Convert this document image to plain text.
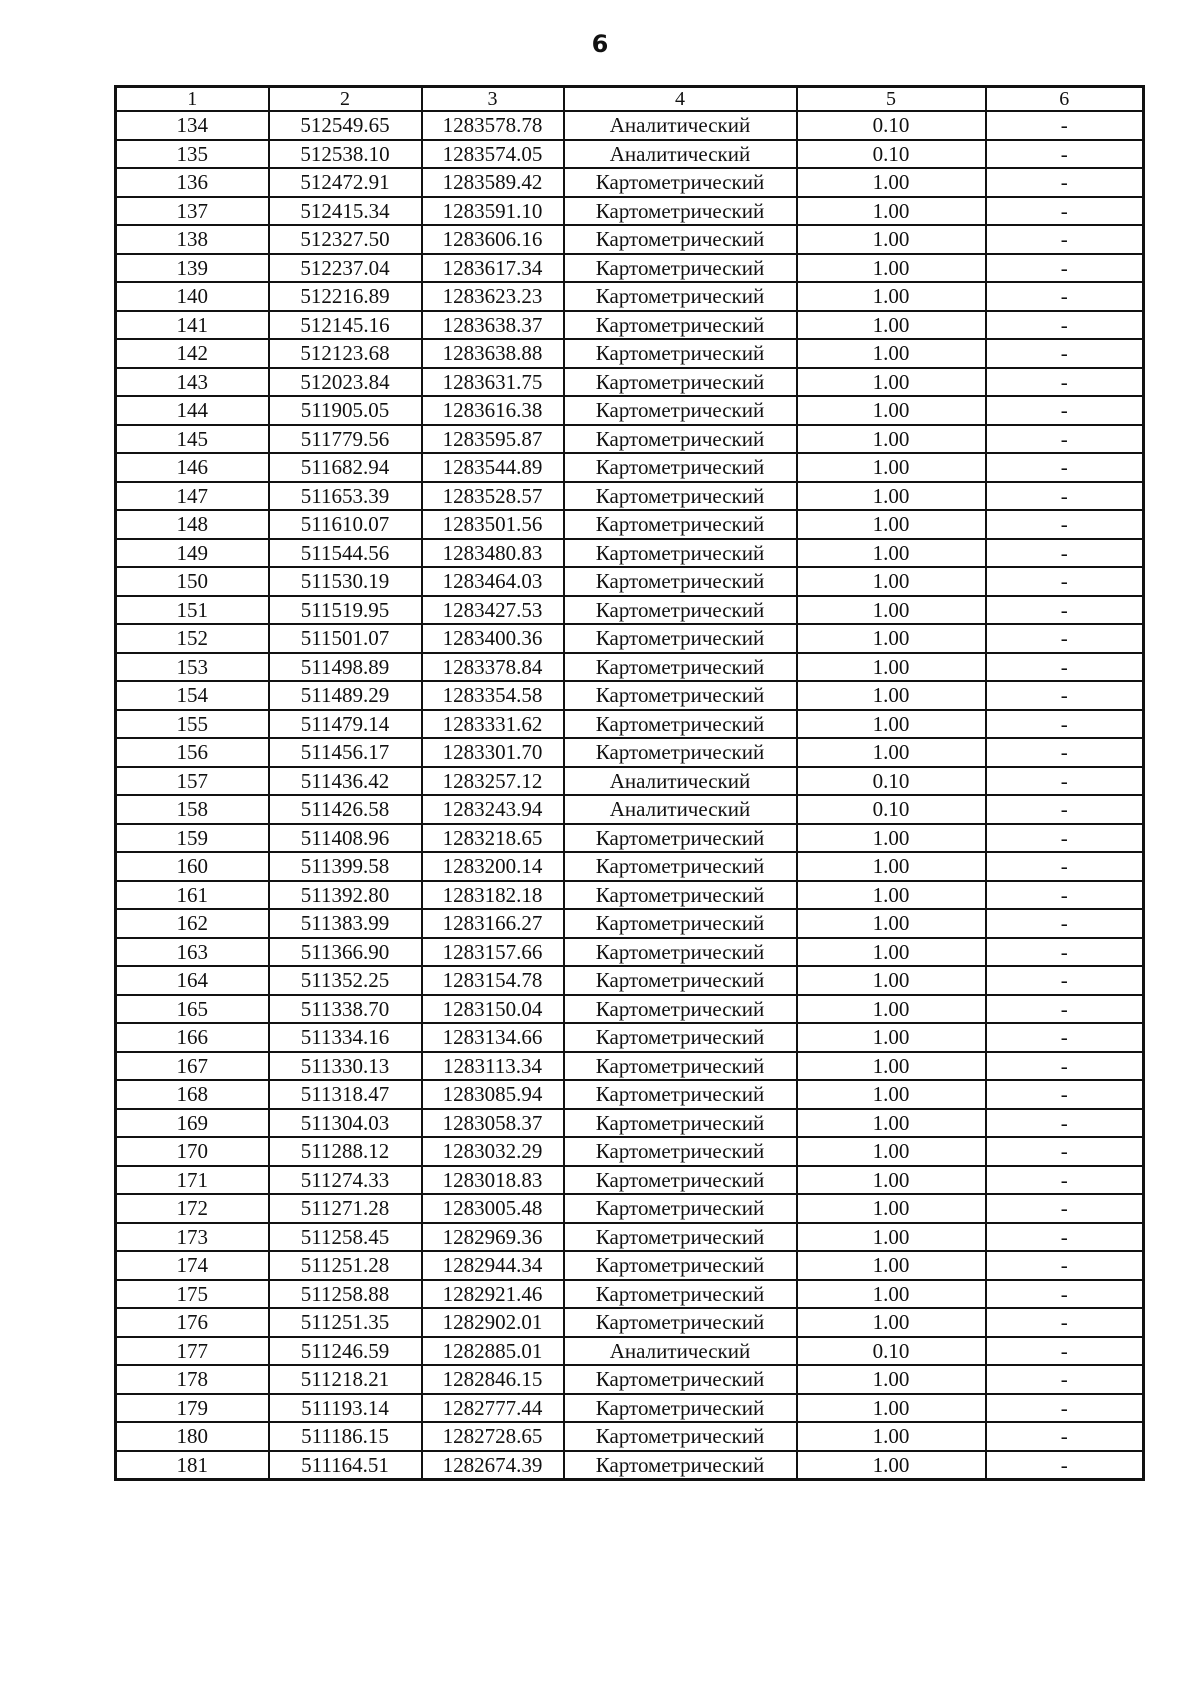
6
1	2	3	4	5	6
134	512549.65	1283578.78	Аналитический	0.10	-
135	512538.10	1283574.05	Аналитический	0.10	-
136	512472.91	1283589.42	Картометрический	1.00	-
137	512415.34	1283591.10	Картометрический	1.00	-
138	512327.50	1283606.16	Картометрический	1.00	-
139	512237.04	1283617.34	Картометрический	1.00	-
140	512216.89	1283623.23	Картометрический	1.00	-
141	512145.16	1283638.37	Картометрический	1.00	-
142	512123.68	1283638.88	Картометрический	1.00	-
143	512023.84	1283631.75	Картометрический	1.00	-
144	511905.05	1283616.38	Картометрический	1.00	-
145	511779.56	1283595.87	Картометрический	1.00	-
146	511682.94	1283544.89	Картометрический	1.00	-
147	511653.39	1283528.57	Картометрический	1.00	-
148	511610.07	1283501.56	Картометрический	1.00	-
149	511544.56	1283480.83	Картометрический	1.00	-
150	511530.19	1283464.03	Картометрический	1.00	-
151	511519.95	1283427.53	Картометрический	1.00	-
152	511501.07	1283400.36	Картометрический	1.00	-
153	511498.89	1283378.84	Картометрический	1.00	-
154	511489.29	1283354.58	Картометрический	1.00	-
155	511479.14	1283331.62	Картометрический	1.00	-
156	511456.17	1283301.70	Картометрический	1.00	-
157	511436.42	1283257.12	Аналитический	0.10	-
158	511426.58	1283243.94	Аналитический	0.10	-
159	511408.96	1283218.65	Картометрический	1.00	-
160	511399.58	1283200.14	Картометрический	1.00	-
161	511392.80	1283182.18	Картометрический	1.00	-
162	511383.99	1283166.27	Картометрический	1.00	-
163	511366.90	1283157.66	Картометрический	1.00	-
164	511352.25	1283154.78	Картометрический	1.00	-
165	511338.70	1283150.04	Картометрический	1.00	-
166	511334.16	1283134.66	Картометрический	1.00	-
167	511330.13	1283113.34	Картометрический	1.00	-
168	511318.47	1283085.94	Картометрический	1.00	-
169	511304.03	1283058.37	Картометрический	1.00	-
170	511288.12	1283032.29	Картометрический	1.00	-
171	511274.33	1283018.83	Картометрический	1.00	-
172	511271.28	1283005.48	Картометрический	1.00	-
173	511258.45	1282969.36	Картометрический	1.00	-
174	511251.28	1282944.34	Картометрический	1.00	-
175	511258.88	1282921.46	Картометрический	1.00	-
176	511251.35	1282902.01	Картометрический	1.00	-
177	511246.59	1282885.01	Аналитический	0.10	-
178	511218.21	1282846.15	Картометрический	1.00	-
179	511193.14	1282777.44	Картометрический	1.00	-
180	511186.15	1282728.65	Картометрический	1.00	-
181	511164.51	1282674.39	Картометрический	1.00	-
